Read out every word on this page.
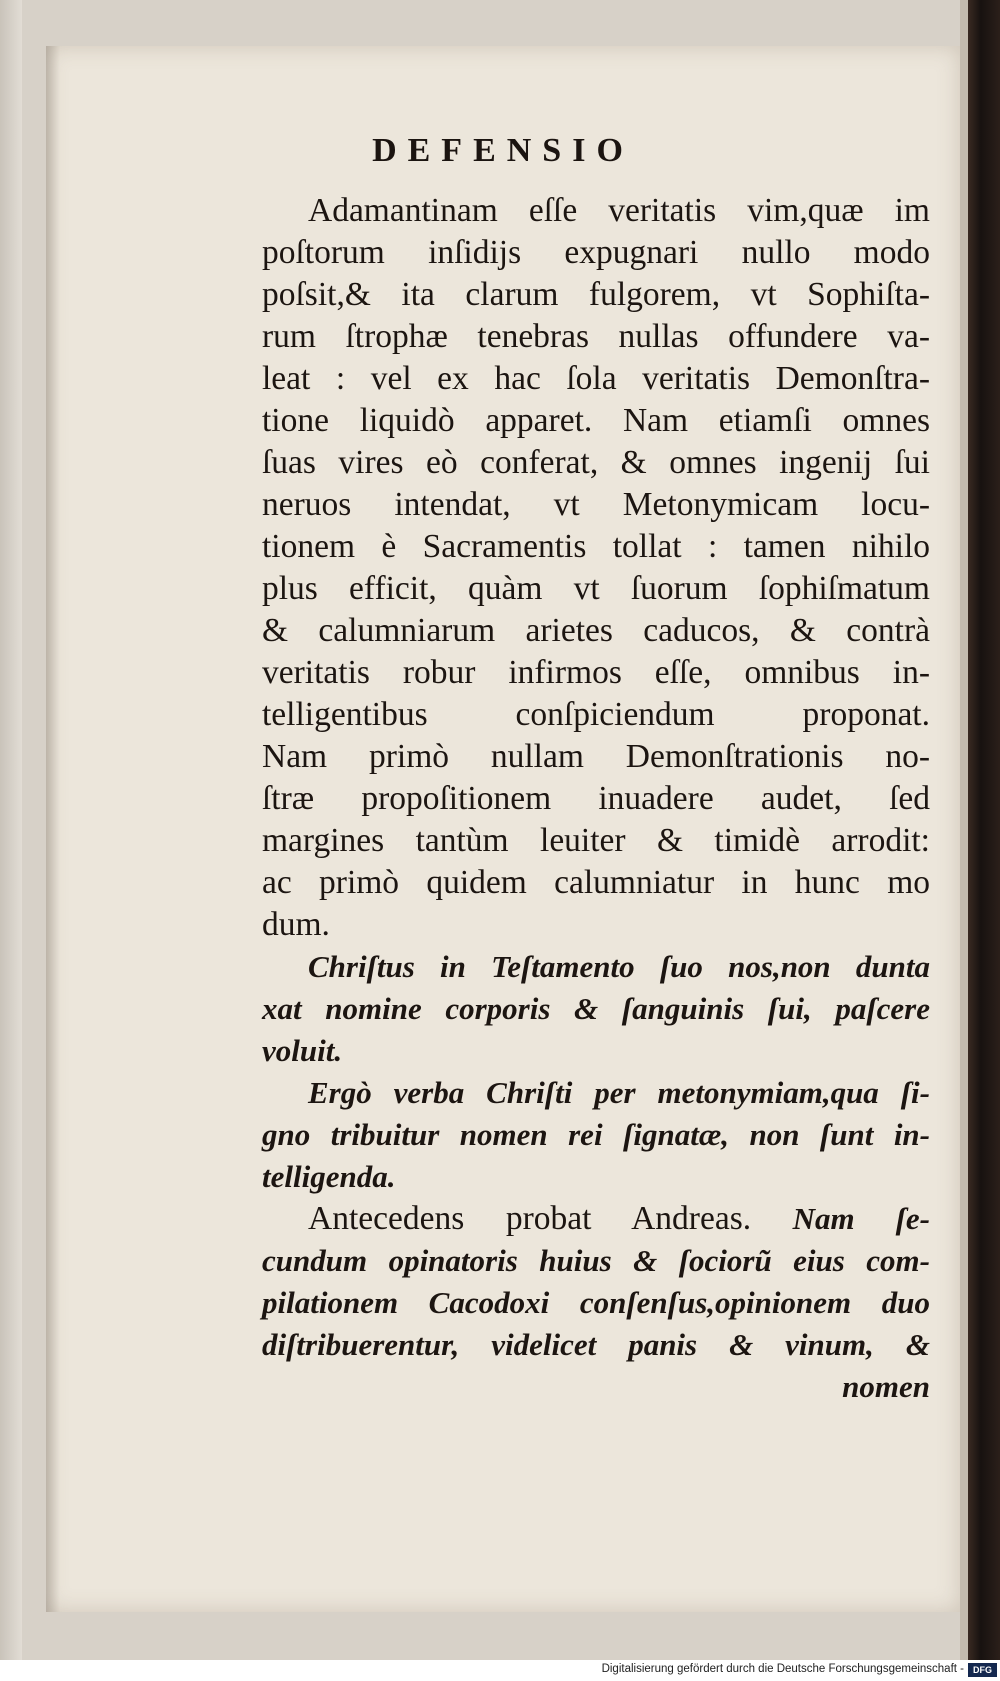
DEFENSIO
Adamantinam eſſe veritatis vim,quæ im
poſtorum inſidijs expugnari nullo modo
poſsit,& ita clarum fulgorem, vt Sophiſta-
rum ſtrophæ tenebras nullas offundere va-
leat : vel ex hac ſola veritatis Demonſtra-
tione liquidò apparet. Nam etiamſi omnes
ſuas vires eò conferat, & omnes ingenij ſui
neruos intendat, vt Metonymicam locu-
tionem è Sacramentis tollat : tamen nihilo
plus efficit, quàm vt ſuorum ſophiſmatum
& calumniarum arietes caducos, & contrà
veritatis robur infirmos eſſe, omnibus in-
telligentibus conſpiciendum proponat.
Nam primò nullam Demonſtrationis no-
ſtræ propoſitionem inuadere audet, ſed
margines tantùm leuiter & timidè arrodit:
ac primò quidem calumniatur in hunc mo
dum.
Chriſtus in Teſtamento ſuo nos,non dunta
xat nomine corporis & ſanguinis ſui, paſcere
voluit.
Ergò verba Chriſti per metonymiam,qua ſi-
gno tribuitur nomen rei ſignatæ, non ſunt in-
telligenda.
Antecedens probat Andreas. Nam ſe-
cundum opinatoris huius & ſociorũ eius com-
pilationem Cacodoxi conſenſus,opinionem duo
diſtribuerentur, videlicet panis & vinum, &
nomen
Digitalisierung gefördert durch die Deutsche Forschungsgemeinschaft -	DFG
